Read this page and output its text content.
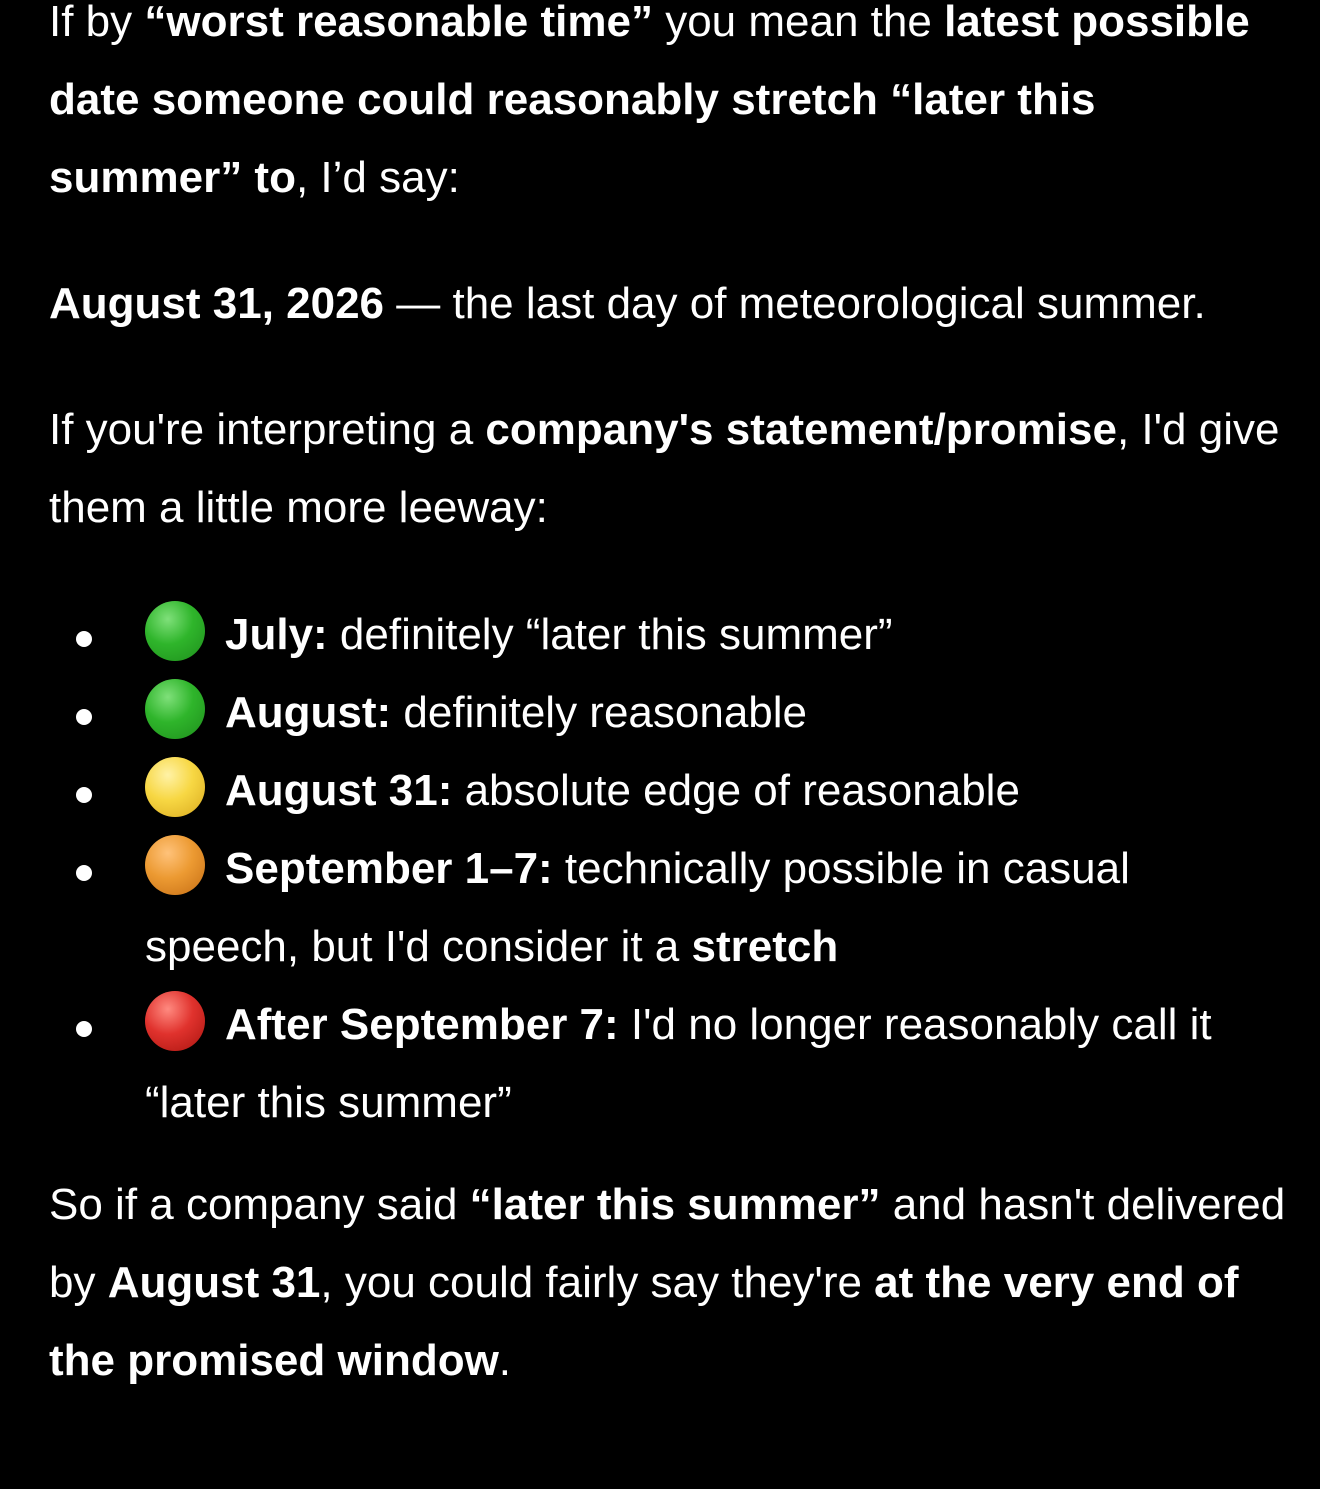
If by “worst reasonable time” you mean the latest possible date someone could reasonably stretch “later this summer” to, I’d say:

August 31, 2026 — the last day of meteorological summer.

If you're interpreting a company's statement/promise, I'd give them a little more leeway:

July: definitely “later this summer”
August: definitely reasonable
August 31: absolute edge of reasonable
September 1–7: technically possible in casual speech, but I'd consider it a stretch
After September 7: I'd no longer reasonably call it “later this summer”

So if a company said “later this summer” and hasn't delivered by August 31, you could fairly say they're at the very end of the promised window.
